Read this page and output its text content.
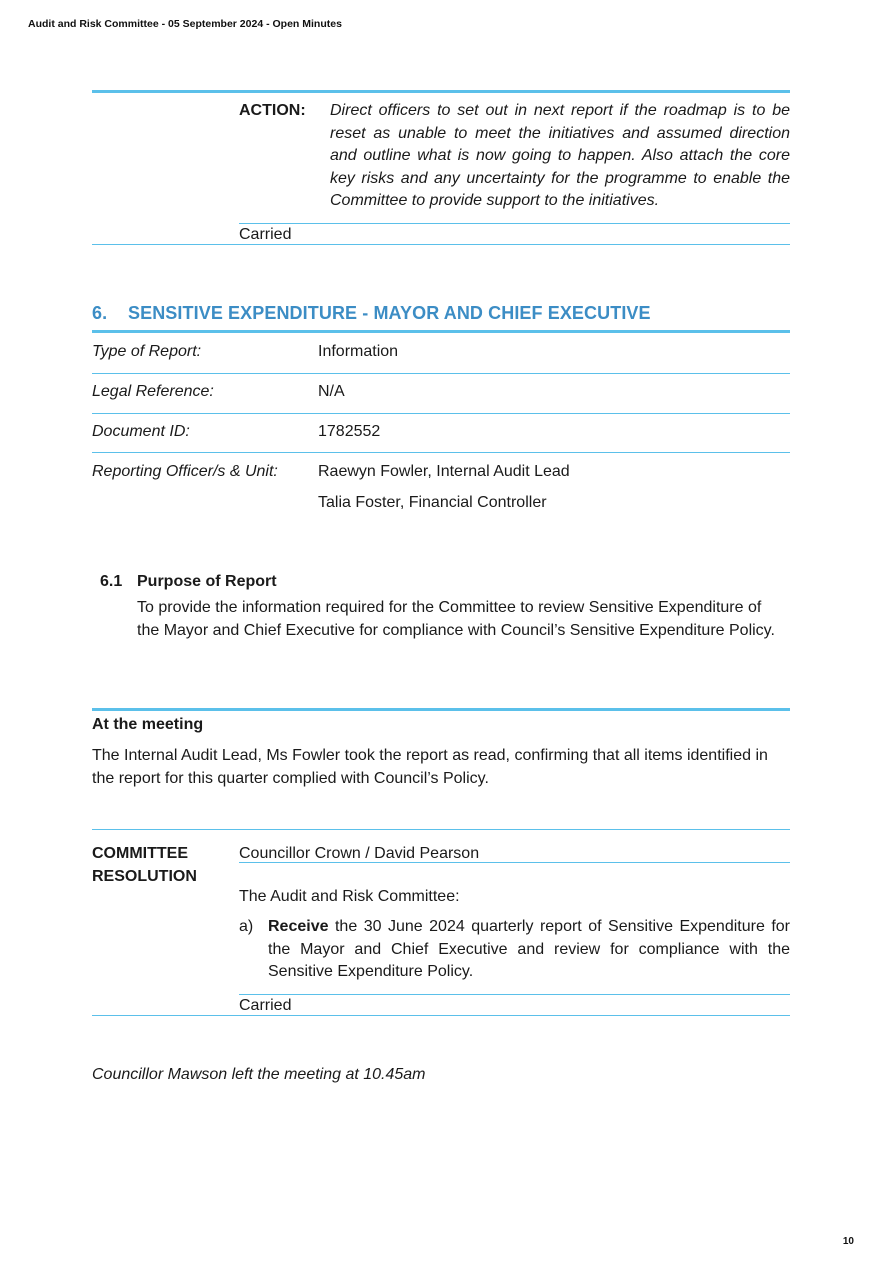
Audit and Risk Committee - 05 September 2024 - Open Minutes
ACTION: Direct officers to set out in next report if the roadmap is to be reset as unable to meet the initiatives and assumed direction and outline what is now going to happen. Also attach the core key risks and any uncertainty for the programme to enable the Committee to provide support to the initiatives.
Carried
6. SENSITIVE EXPENDITURE - MAYOR AND CHIEF EXECUTIVE
Type of Report:	Information
Legal Reference:	N/A
Document ID:	1782552
Reporting Officer/s & Unit:	Raewyn Fowler, Internal Audit Lead
Talia Foster, Financial Controller
6.1 Purpose of Report
To provide the information required for the Committee to review Sensitive Expenditure of the Mayor and Chief Executive for compliance with Council’s Sensitive Expenditure Policy.
At the meeting
The Internal Audit Lead, Ms Fowler took the report as read, confirming that all items identified in the report for this quarter complied with Council’s Policy.
COMMITTEE RESOLUTION
Councillor Crown / David Pearson
The Audit and Risk Committee:
a) Receive the 30 June 2024 quarterly report of Sensitive Expenditure for the Mayor and Chief Executive and review for compliance with the Sensitive Expenditure Policy.
Carried
Councillor Mawson left the meeting at 10.45am
10
